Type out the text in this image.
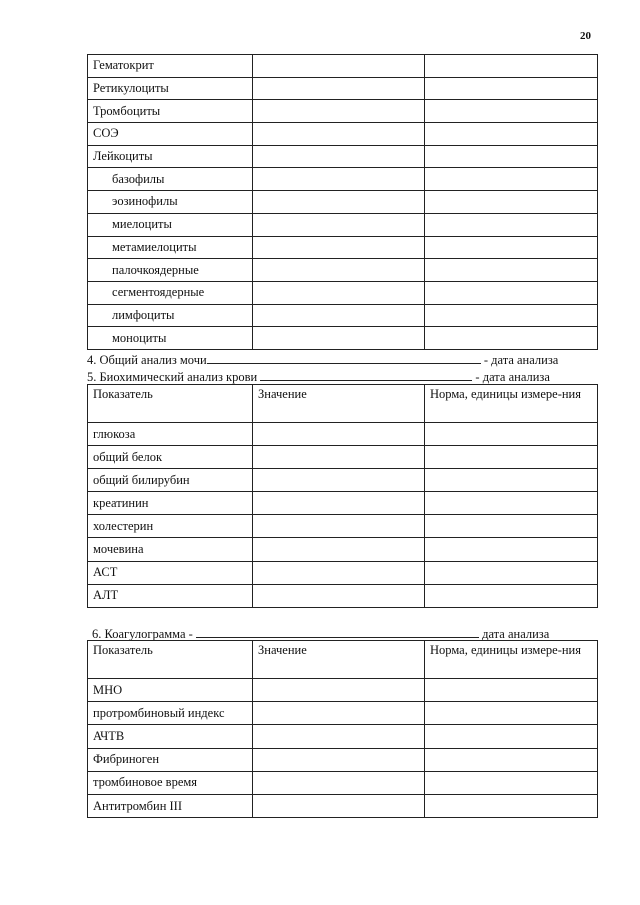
20
Гематокрит		
Ретикулоциты		
Тромбоциты		
СОЭ		
Лейкоциты		
базофилы		
эозинофилы		
миелоциты		
метамиелоциты		
палочкоядерные		
сегментоядерные		
лимфоциты		
моноциты		
4. Общий анализ мочи	- дата анализа
5. Биохимический анализ крови	- дата анализа
Показатель	Значение	Норма, единицы измере-ния
глюкоза		
общий белок		
общий билирубин		
креатинин		
холестерин		
мочевина		
АСТ		
АЛТ		
6. Коагулограмма -	дата анализа
Показатель	Значение	Норма, единицы измере-ния
МНО		
протромбиновый индекс		
АЧТВ		
Фибриноген		
тромбиновое время		
Антитромбин III		
